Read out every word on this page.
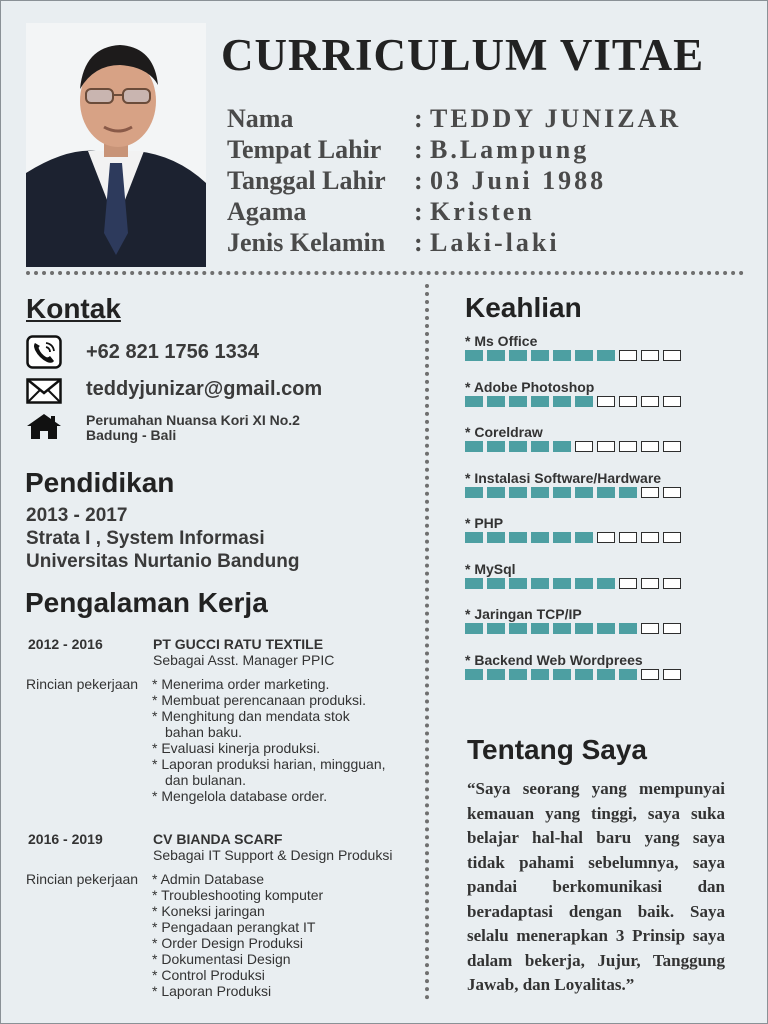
CURRICULUM VITAE
Nama	: TEDDY JUNIZAR
Tempat Lahir : B.Lampung
Tanggal Lahir : 03 Juni 1988
Agama	: Kristen
Jenis Kelamin : Laki-laki
Kontak
+62 821 1756 1334
teddyjunizar@gmail.com
Perumahan Nuansa Kori XI No.2
Badung - Bali
Pendidikan
2013 - 2017
Strata I , System Informasi
Universitas Nurtanio Bandung
Pengalaman Kerja
2012 - 2016	PT GUCCI RATU TEXTILE
Sebagai Asst. Manager PPIC
Rincian pekerjaan * Menerima order marketing.
* Membuat perencanaan produksi.
* Menghitung dan mendata stok
bahan baku.
* Evaluasi kinerja produksi.
* Laporan produksi harian, mingguan,
dan bulanan.
* Mengelola database order.
2016 - 2019	CV BIANDA SCARF
Sebagai IT Support & Design Produksi
Rincian pekerjaan * Admin Database
* Troubleshooting komputer
* Koneksi jaringan
* Pengadaan perangkat IT
* Order Design Produksi
* Dokumentasi Design
* Control Produksi
* Laporan Produksi
Keahlian
* Ms Office
* Adobe Photoshop
* Coreldraw
* Instalasi Software/Hardware
* PHP
* MySql
* Jaringan TCP/IP
* Backend Web Wordprees
Tentang Saya
“Saya seorang yang mempunyai kemauan yang tinggi, saya suka belajar hal-hal baru yang saya tidak pahami sebelumnya, saya pandai berkomunikasi dan beradaptasi dengan baik. Saya selalu menerapkan 3 Prinsip saya dalam bekerja, Jujur, Tanggung Jawab, dan Loyalitas.”
